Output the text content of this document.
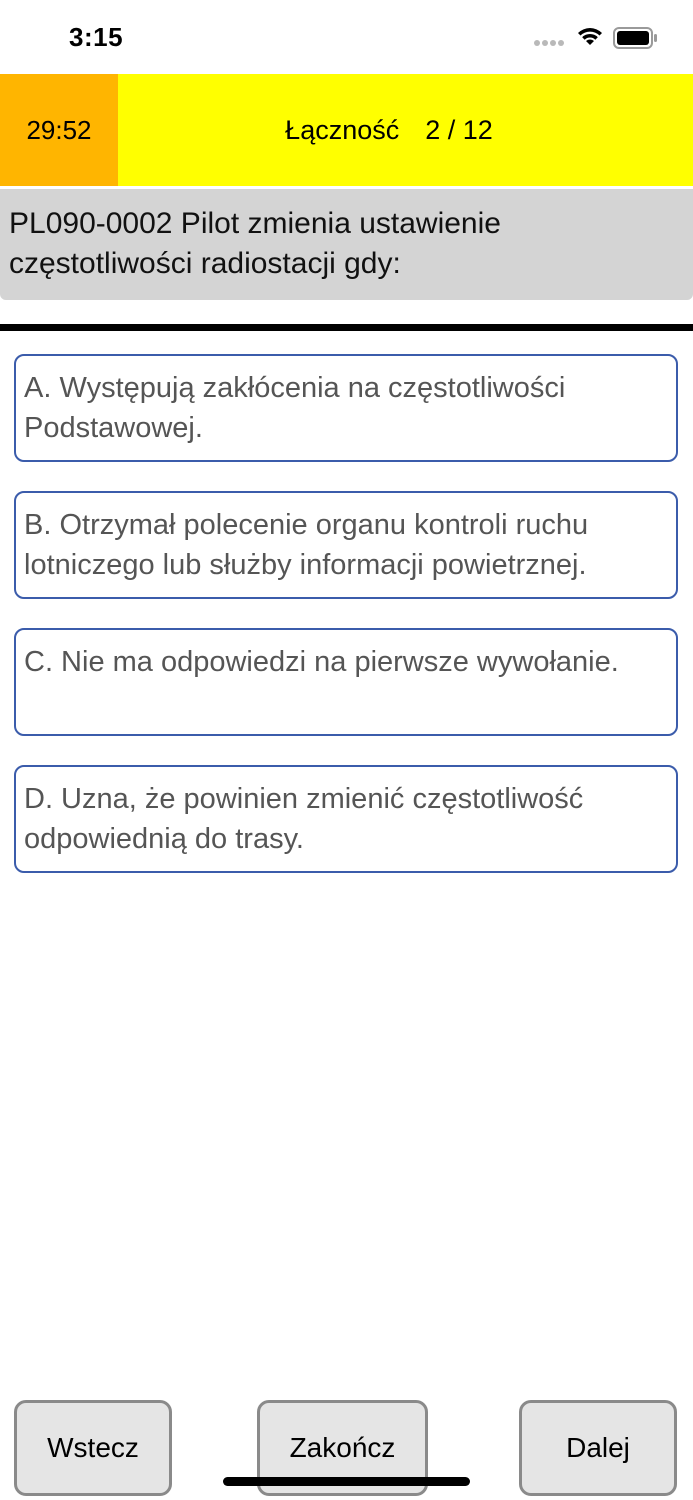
3:15
29:52	Łączność 2 / 12
PL090-0002 Pilot zmienia ustawienie częstotliwości radiostacji gdy:
A. Występują zakłócenia na częstotliwości Podstawowej.
B. Otrzymał polecenie organu kontroli ruchu lotniczego lub służby informacji powietrznej.
C. Nie ma odpowiedzi na pierwsze wywołanie.
D. Uzna, że powinien zmienić częstotliwość odpowiednią do trasy.
Wstecz	Zakończ	Dalej
